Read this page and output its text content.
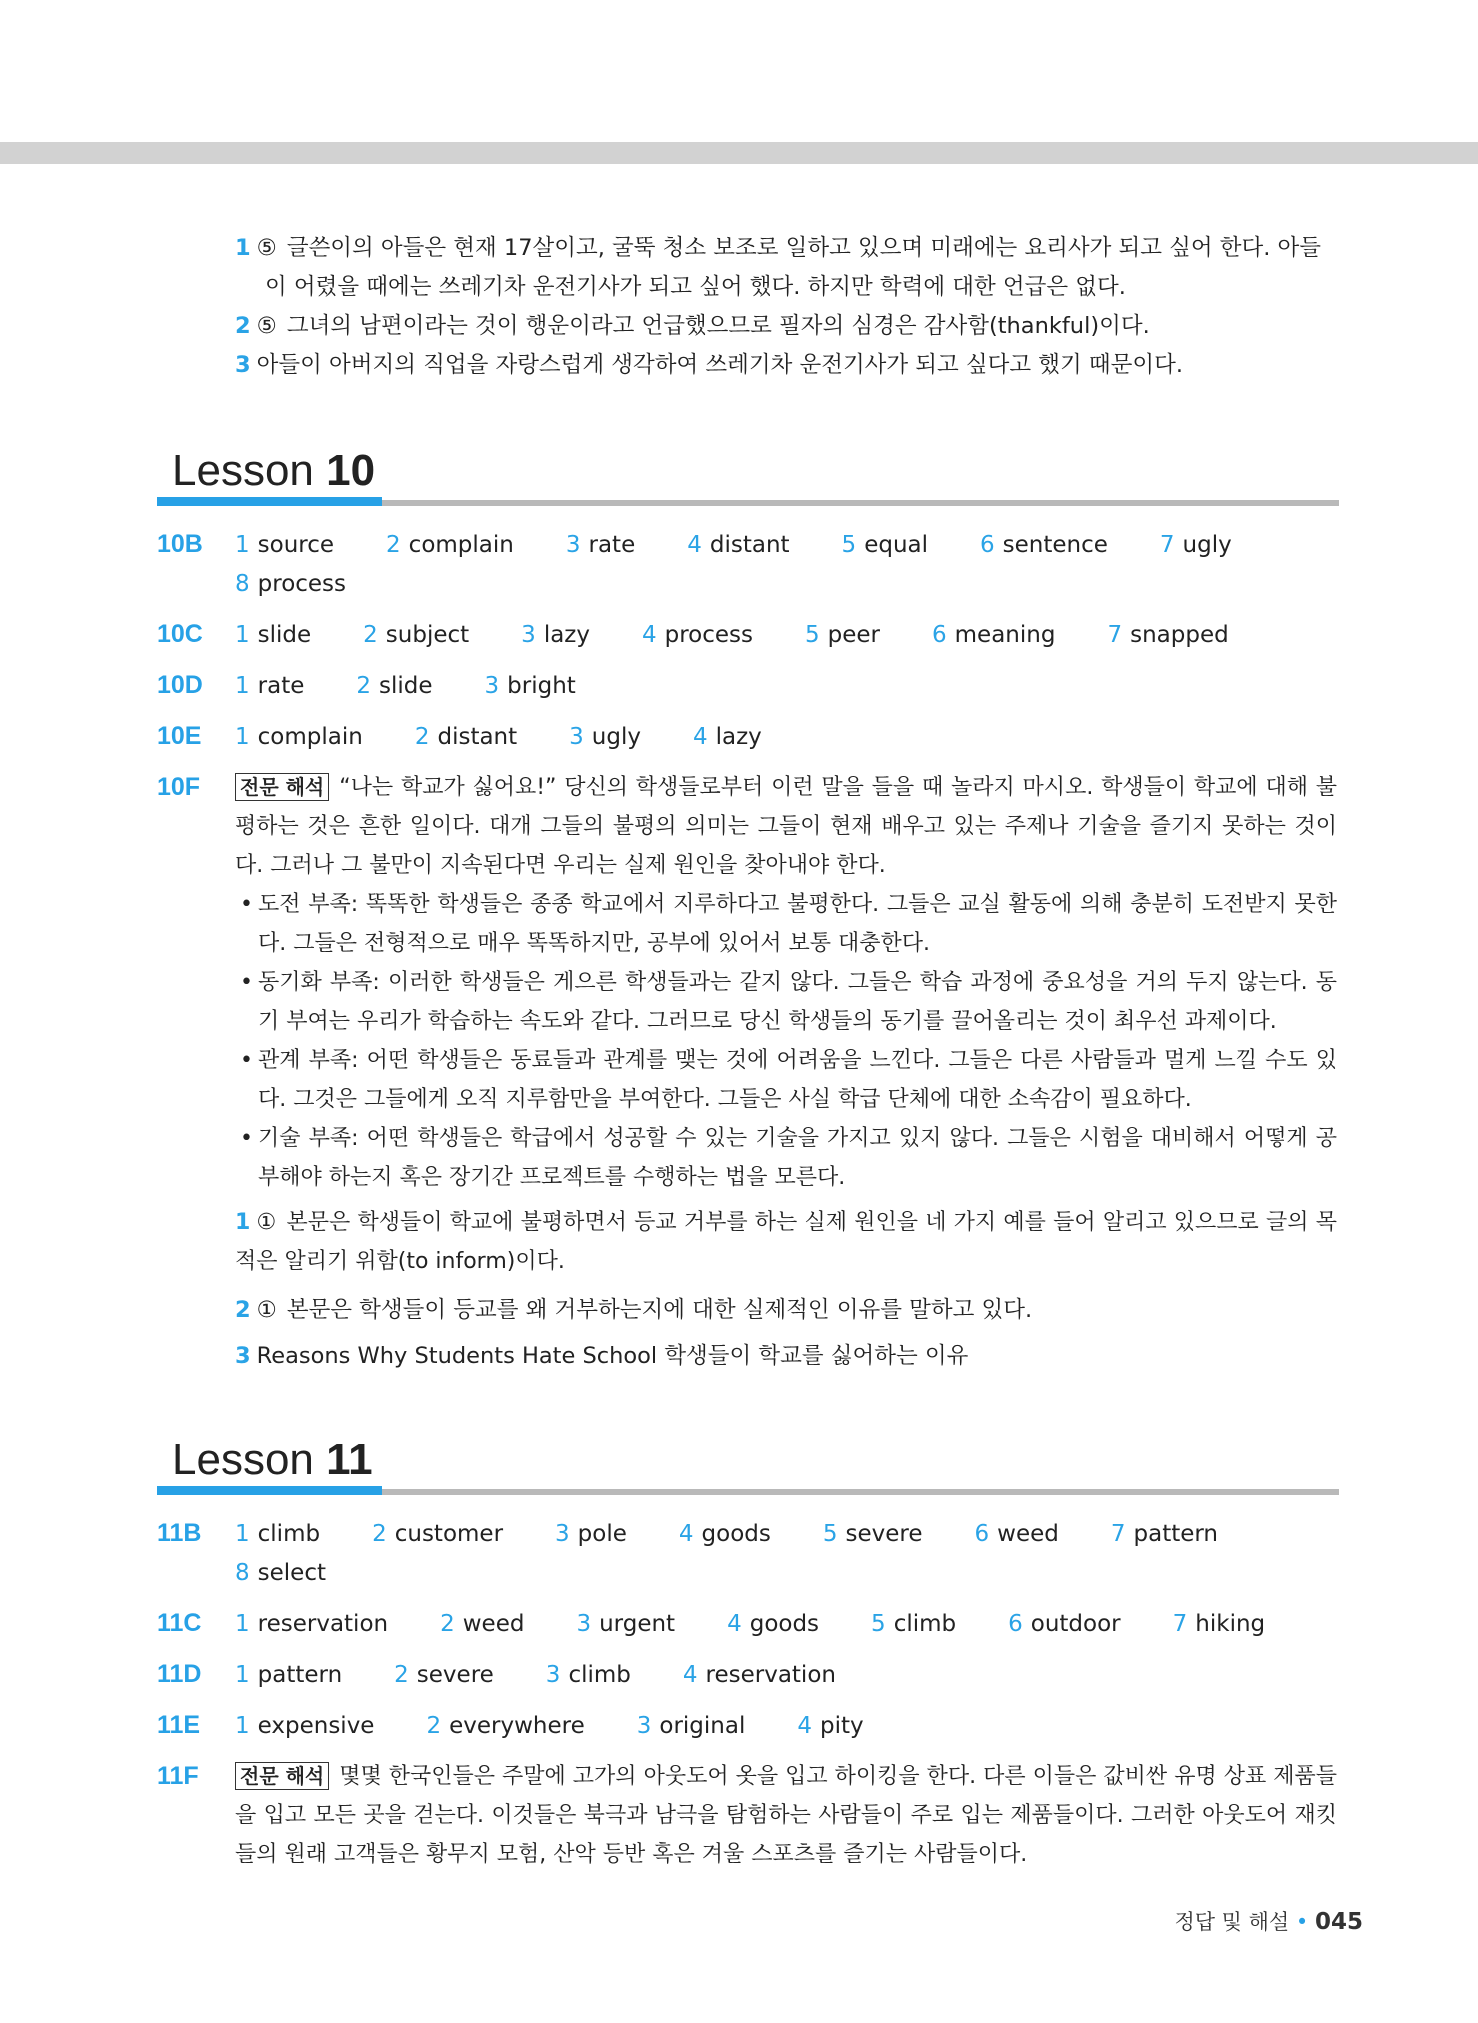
1 ⑤ 글쓴이의 아들은 현재 17살이고, 굴뚝 청소 보조로 일하고 있으며 미래에는 요리사가 되고 싶어 한다. 아들
이 어렸을 때에는 쓰레기차 운전기사가 되고 싶어 했다. 하지만 학력에 대한 언급은 없다.
2 ⑤ 그녀의 남편이라는 것이 행운이라고 언급했으므로 필자의 심경은 감사함(thankful)이다.
3 아들이 아버지의 직업을 자랑스럽게 생각하여 쓰레기차 운전기사가 되고 싶다고 했기 때문이다.
Lesson 10
10B 1 source 2 complain 3 rate 4 distant 5 equal 6 sentence 7 ugly8 process
10C 1 slide 2 subject 3 lazy 4 process 5 peer 6 meaning 7 snapped
10D 1 rate 2 slide 3 bright
10E 1 complain 2 distant 3 ugly 4 lazy
10F 전문 해석 “나는 학교가 싫어요!” 당신의 학생들로부터 이런 말을 들을 때 놀라지 마시오. 학생들이 학교에 대해 불평하는 것은 흔한 일이다. 대개 그들의 불평의 의미는 그들이 현재 배우고 있는 주제나 기술을 즐기지 못하는 것이다. 그러나 그 불만이 지속된다면 우리는 실제 원인을 찾아내야 한다.
• 도전 부족: 똑똑한 학생들은 종종 학교에서 지루하다고 불평한다. 그들은 교실 활동에 의해 충분히 도전받지 못한다. 그들은 전형적으로 매우 똑똑하지만, 공부에 있어서 보통 대충한다.
• 동기화 부족: 이러한 학생들은 게으른 학생들과는 같지 않다. 그들은 학습 과정에 중요성을 거의 두지 않는다. 동기 부여는 우리가 학습하는 속도와 같다. 그러므로 당신 학생들의 동기를 끌어올리는 것이 최우선 과제이다.
• 관계 부족: 어떤 학생들은 동료들과 관계를 맺는 것에 어려움을 느낀다. 그들은 다른 사람들과 멀게 느낄 수도 있다. 그것은 그들에게 오직 지루함만을 부여한다. 그들은 사실 학급 단체에 대한 소속감이 필요하다.
• 기술 부족: 어떤 학생들은 학급에서 성공할 수 있는 기술을 가지고 있지 않다. 그들은 시험을 대비해서 어떻게 공부해야 하는지 혹은 장기간 프로젝트를 수행하는 법을 모른다.
1 ① 본문은 학생들이 학교에 불평하면서 등교 거부를 하는 실제 원인을 네 가지 예를 들어 알리고 있으므로 글의 목적은 알리기 위함(to inform)이다.
2 ① 본문은 학생들이 등교를 왜 거부하는지에 대한 실제적인 이유를 말하고 있다.
3 Reasons Why Students Hate School 학생들이 학교를 싫어하는 이유
Lesson 11
11B 1 climb 2 customer 3 pole 4 goods 5 severe 6 weed 7 pattern8 select
11C 1 reservation 2 weed 3 urgent 4 goods 5 climb 6 outdoor 7 hiking
11D 1 pattern 2 severe 3 climb 4 reservation
11E 1 expensive 2 everywhere 3 original 4 pity
11F 전문 해석 몇몇 한국인들은 주말에 고가의 아웃도어 옷을 입고 하이킹을 한다. 다른 이들은 값비싼 유명 상표 제품들을 입고 모든 곳을 걷는다. 이것들은 북극과 남극을 탐험하는 사람들이 주로 입는 제품들이다. 그러한 아웃도어 재킷들의 원래 고객들은 황무지 모험, 산악 등반 혹은 겨울 스포츠를 즐기는 사람들이다.
정답 및 해설 • 045
